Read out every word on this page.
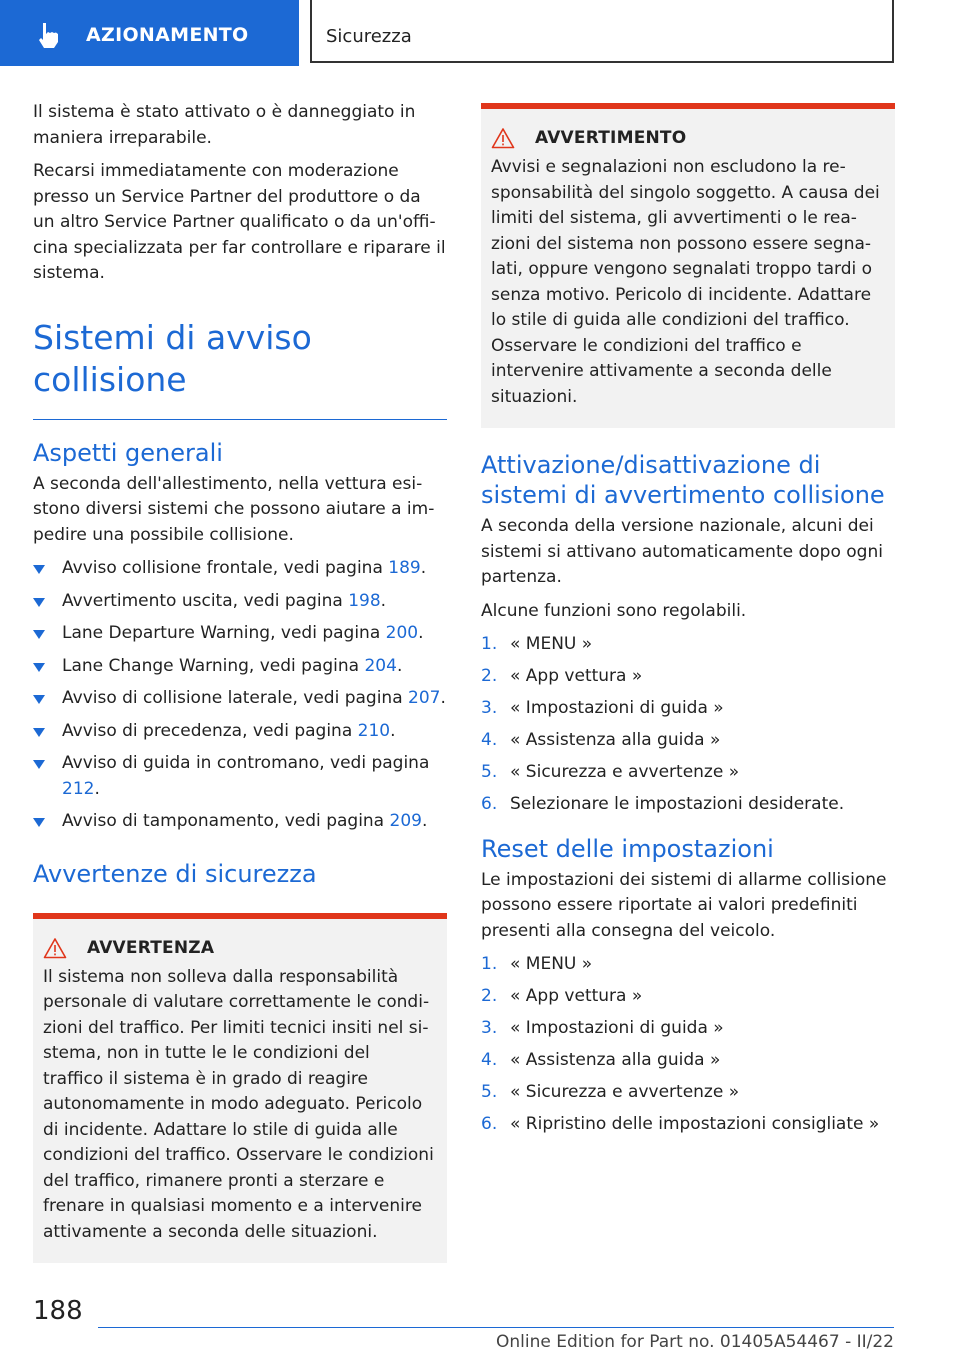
AZIONAMENTO	Sicurezza

Il sistema è stato attivato o è danneggiato in maniera irreparabile.

Recarsi immediatamente con moderazione presso un Service Partner del produttore o da un altro Service Partner qualificato o da un'officina specializzata per far controllare e riparare il sistema.

Sistemi di avviso collisione
Aspetti generali

A seconda dell'allestimento, nella vettura esistono diversi sistemi che possono aiutare a impedire una possibile collisione.

Avviso collisione frontale, vedi pagina 189.
Avvertimento uscita, vedi pagina 198.
Lane Departure Warning, vedi pagina 200.
Lane Change Warning, vedi pagina 204.
Avviso di collisione laterale, vedi pagina 207.
Avviso di precedenza, vedi pagina 210.
Avviso di guida in contromano, vedi pagina 212.
Avviso di tamponamento, vedi pagina 209.
Avvertenze di sicurezza
AVVERTENZA

Il sistema non solleva dalla responsabilità personale di valutare correttamente le condizioni del traffico. Per limiti tecnici insiti nel sistema, non in tutte le le condizioni del traffico il sistema è in grado di reagire autonomamente in modo adeguato. Pericolo di incidente. Adattare lo stile di guida alle condizioni del traffico. Osservare le condizioni del traffico, rimanere pronti a sterzare e frenare in qualsiasi momento e a intervenire attivamente a seconda delle situazioni.

AVVERTIMENTO

Avvisi e segnalazioni non escludono la responsabilità del singolo soggetto. A causa dei limiti del sistema, gli avvertimenti o le reazioni del sistema non possono essere segnalati, oppure vengono segnalati troppo tardi o senza motivo. Pericolo di incidente. Adattare lo stile di guida alle condizioni del traffico. Osservare le condizioni del traffico e intervenire attivamente a seconda delle situazioni.

Attivazione/disattivazione di sistemi di avvertimento collisione

A seconda della versione nazionale, alcuni dei sistemi si attivano automaticamente dopo ogni partenza.

Alcune funzioni sono regolabili.

1. « MENU »
2. « App vettura »
3. « Impostazioni di guida »
4. « Assistenza alla guida »
5. « Sicurezza e avvertenze »
6. Selezionare le impostazioni desiderate.
Reset delle impostazioni

Le impostazioni dei sistemi di allarme collisione possono essere riportate ai valori predefiniti presenti alla consegna del veicolo.

1. « MENU »
2. « App vettura »
3. « Impostazioni di guida »
4. « Assistenza alla guida »
5. « Sicurezza e avvertenze »
6. « Ripristino delle impostazioni consigliate »
188
Online Edition for Part no. 01405A54467 - II/22
